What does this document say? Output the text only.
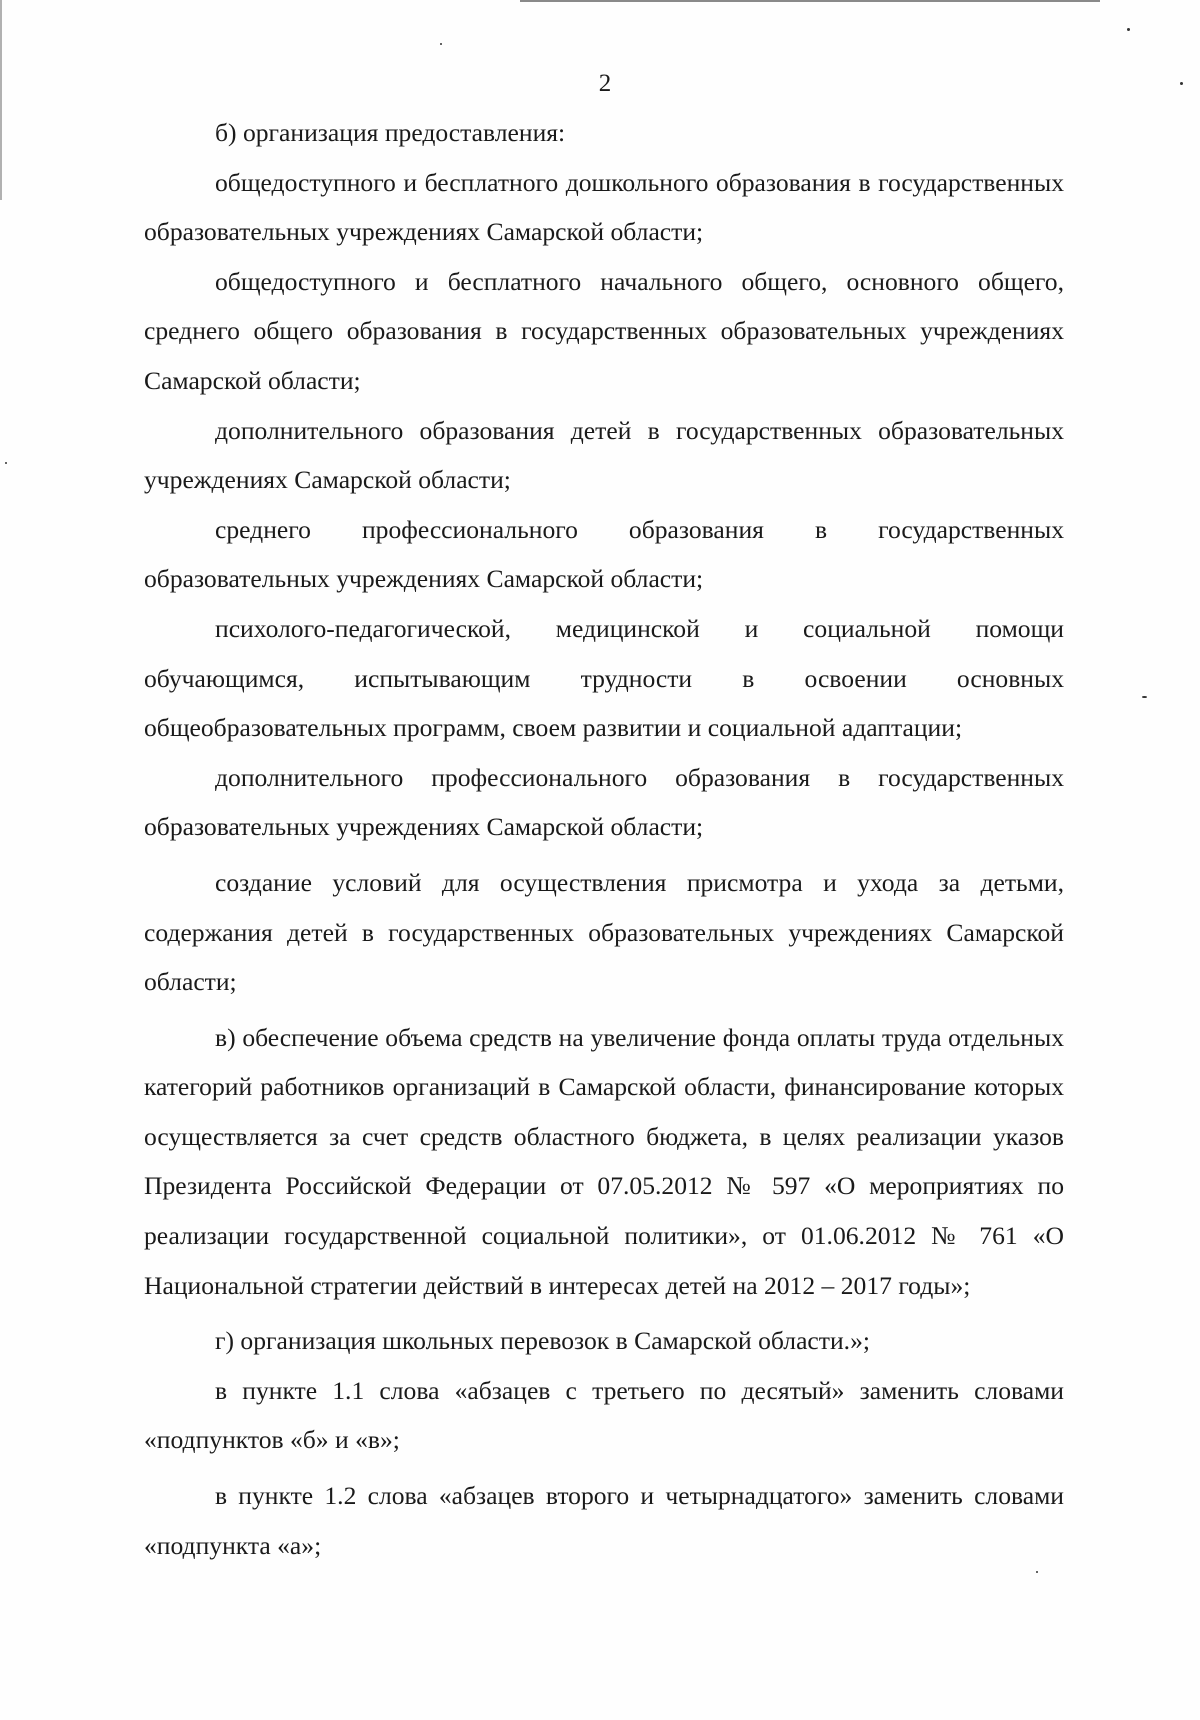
2

б) организация предоставления:

общедоступного и бесплатного дошкольного образования в государственных образовательных учреждениях Самарской области;

общедоступного и бесплатного начального общего, основного общего, среднего общего образования в государственных образовательных учреждениях Самарской области;

дополнительного образования детей в государственных образовательных учреждениях Самарской области;

среднего профессионального образования в государственных образовательных учреждениях Самарской области;

психолого-педагогической, медицинской и социальной помощи обучающимся, испытывающим трудности в освоении основных общеобразовательных программ, своем развитии и социальной адаптации;

дополнительного профессионального образования в государственных образовательных учреждениях Самарской области;

создание условий для осуществления присмотра и ухода за детьми, содержания детей в государственных образовательных учреждениях Самарской области;

в) обеспечение объема средств на увеличение фонда оплаты труда отдельных категорий работников организаций в Самарской области, финансирование которых осуществляется за счет средств областного бюджета, в целях реализации указов Президента Российской Федерации от 07.05.2012 № 597 «О мероприятиях по реализации государственной социальной политики», от 01.06.2012 № 761 «О Национальной стратегии действий в интересах детей на 2012 – 2017 годы»;

г) организация школьных перевозок в Самарской области.»;

в пункте 1.1 слова «абзацев с третьего по десятый» заменить словами «подпунктов «б» и «в»;

в пункте 1.2 слова «абзацев второго и четырнадцатого» заменить словами «подпункта «а»;
